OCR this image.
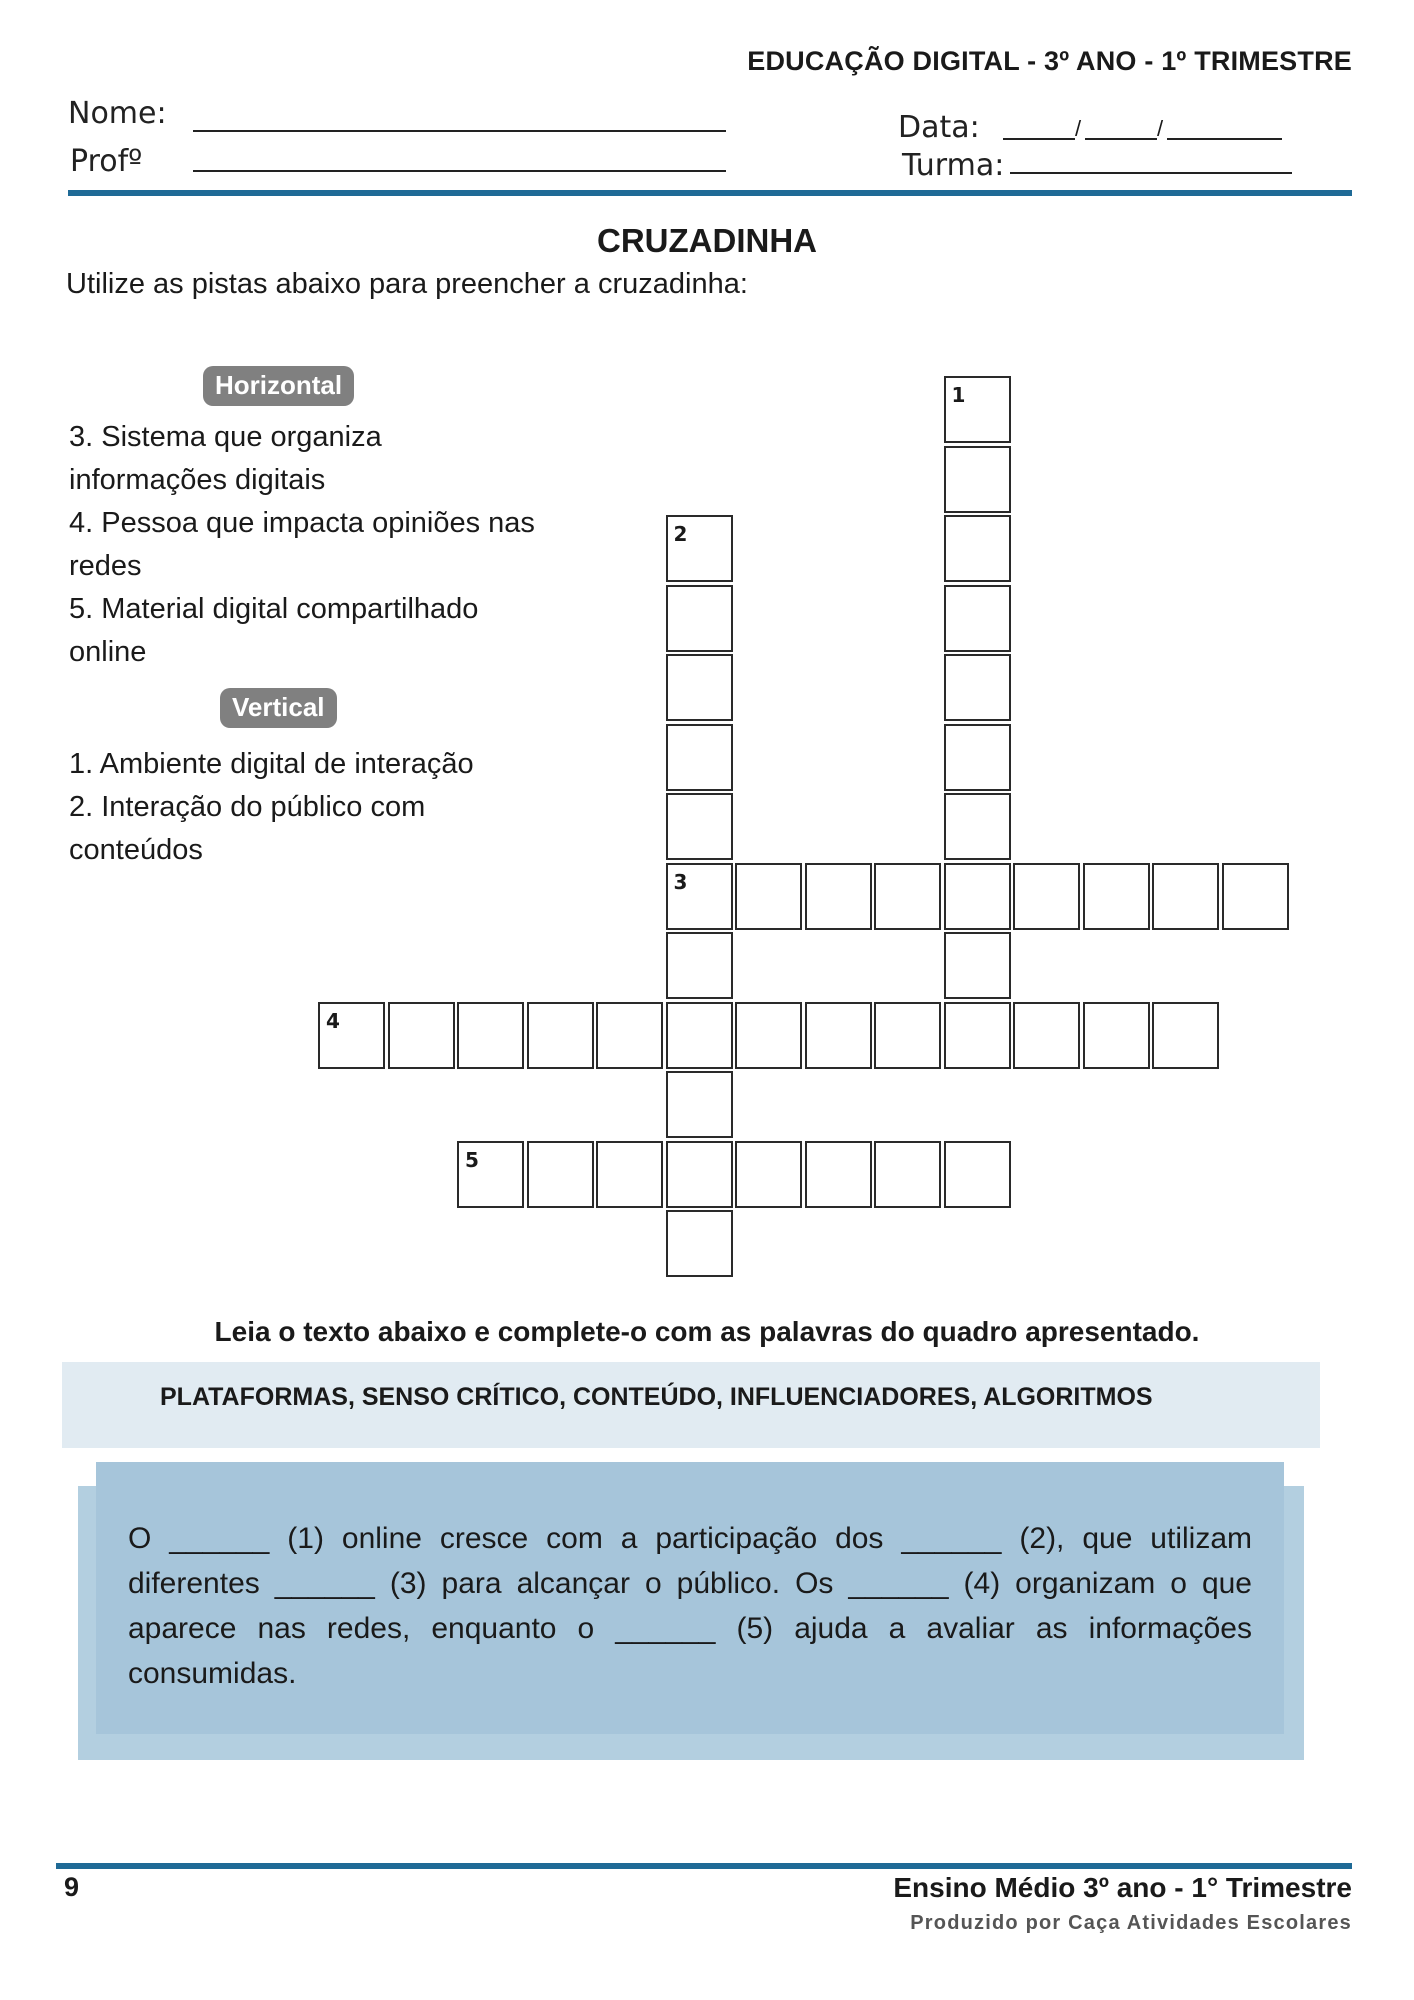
EDUCAÇÃO DIGITAL - 3º ANO - 1º TRIMESTRE
Nome:
Profº
Data:	/	/
Turma:
CRUZADINHA
Utilize as pistas abaixo para preencher a cruzadinha:
Horizontal
3. Sistema que organiza informações digitais
4. Pessoa que impacta opiniões nas redes
5. Material digital compartilhado online
Vertical
1. Ambiente digital de interação
2. Interação do público com conteúdos
1
2
3
4
5
Leia o texto abaixo e complete-o com as palavras do quadro apresentado.
PLATAFORMAS, SENSO CRÍTICO, CONTEÚDO, INFLUENCIADORES, ALGORITMOS
O ______ (1) online cresce com a participação dos ______ (2), que utilizam diferentes ______ (3) para alcançar o público. Os ______ (4) organizam o que aparece nas redes, enquanto o ______ (5) ajuda a avaliar as informações consumidas.
9	Ensino Médio 3º ano - 1° Trimestre
Produzido por Caça Atividades Escolares
